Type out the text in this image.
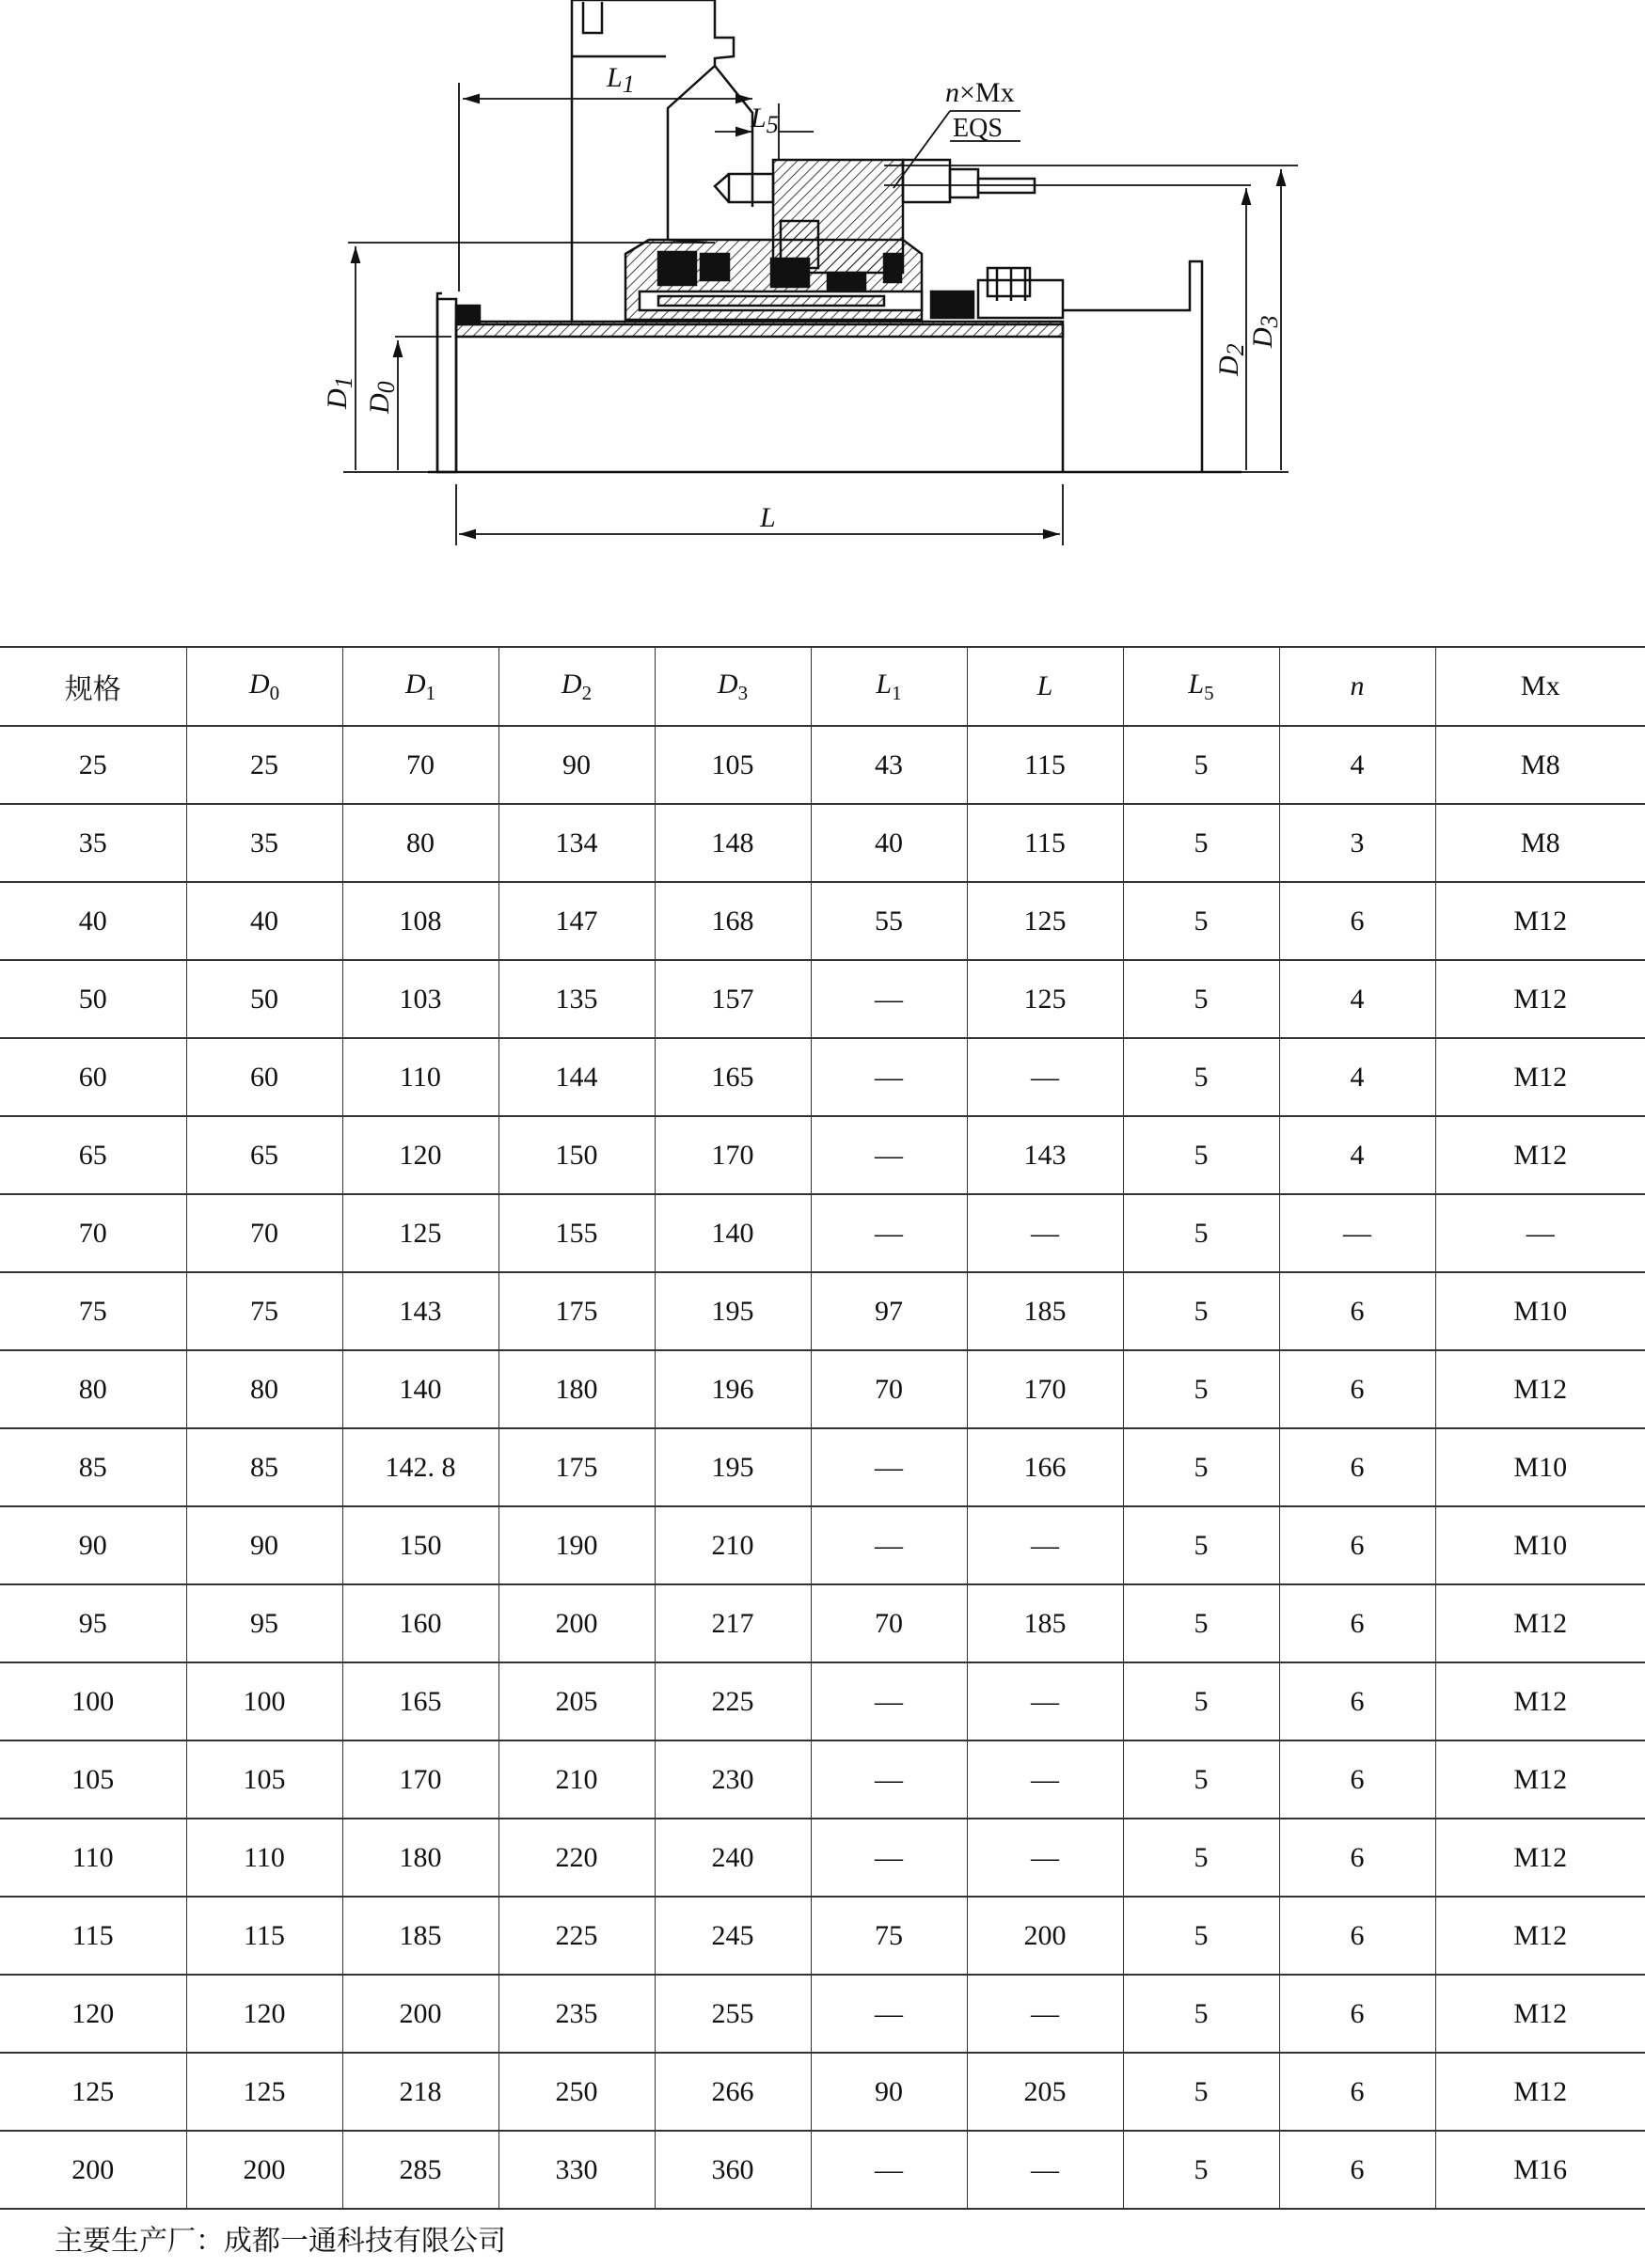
L1
L5
n×Mx
EQS
L
D1
D0
D2
D3
规格	$D_0$	$D_1$	$D_2$	$D_3$	$L_1$	L	$L_5$	n	Mx
25	25	70	90	105	43	115	5	4	M8
35	35	80	134	148	40	115	5	3	M8
40	40	108	147	168	55	125	5	6	M12
50	50	103	135	157	—	125	5	4	M12
60	60	110	144	165	—	—	5	4	M12
65	65	120	150	170	—	143	5	4	M12
70	70	125	155	140	—	—	5	—	—
75	75	143	175	195	97	185	5	6	M10
80	80	140	180	196	70	170	5	6	M12
85	85	142. 8	175	195	—	166	5	6	M10
90	90	150	190	210	—	—	5	6	M10
95	95	160	200	217	70	185	5	6	M12
100	100	165	205	225	—	—	5	6	M12
105	105	170	210	230	—	—	5	6	M12
110	110	180	220	240	—	—	5	6	M12
115	115	185	225	245	75	200	5	6	M12
120	120	200	235	255	—	—	5	6	M12
125	125	218	250	266	90	205	5	6	M12
200	200	285	330	360	—	—	5	6	M16
主要生产厂：成都一通科技有限公司
